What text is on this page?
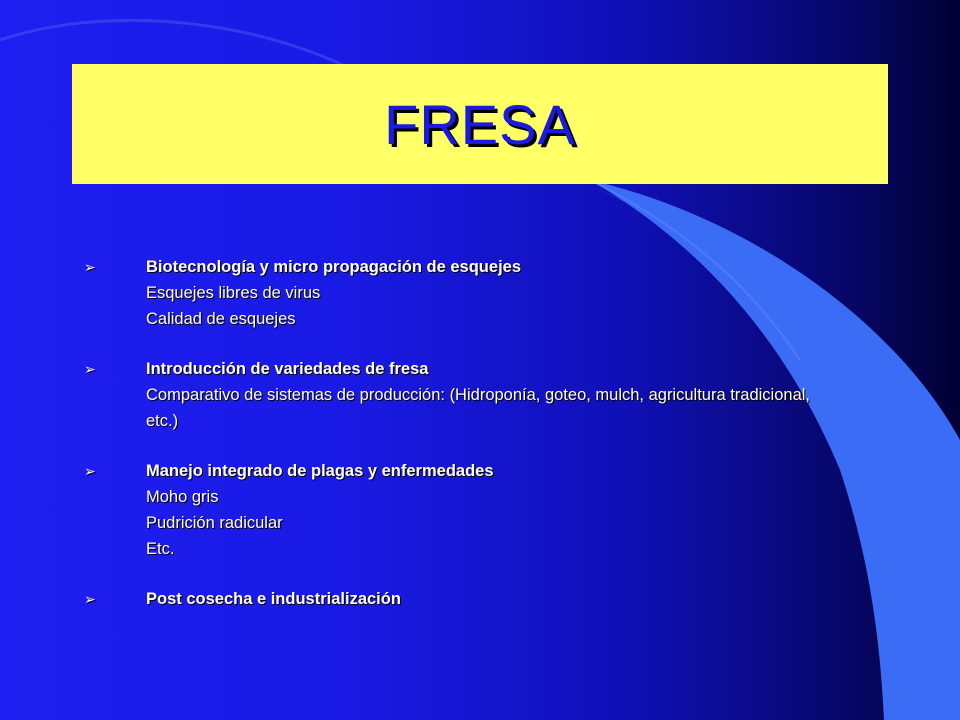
FRESA
➢	Biotecnología y micro propagación de esquejes
Esquejes libres de virus
Calidad de esquejes
➢	Introducción de variedades de fresa
Comparativo de sistemas de producción: (Hidroponía, goteo, mulch, agricultura tradicional, etc.)
➢	Manejo integrado de plagas y enfermedades
Moho gris
Pudrición radicular
Etc.
➢	Post cosecha e industrialización
